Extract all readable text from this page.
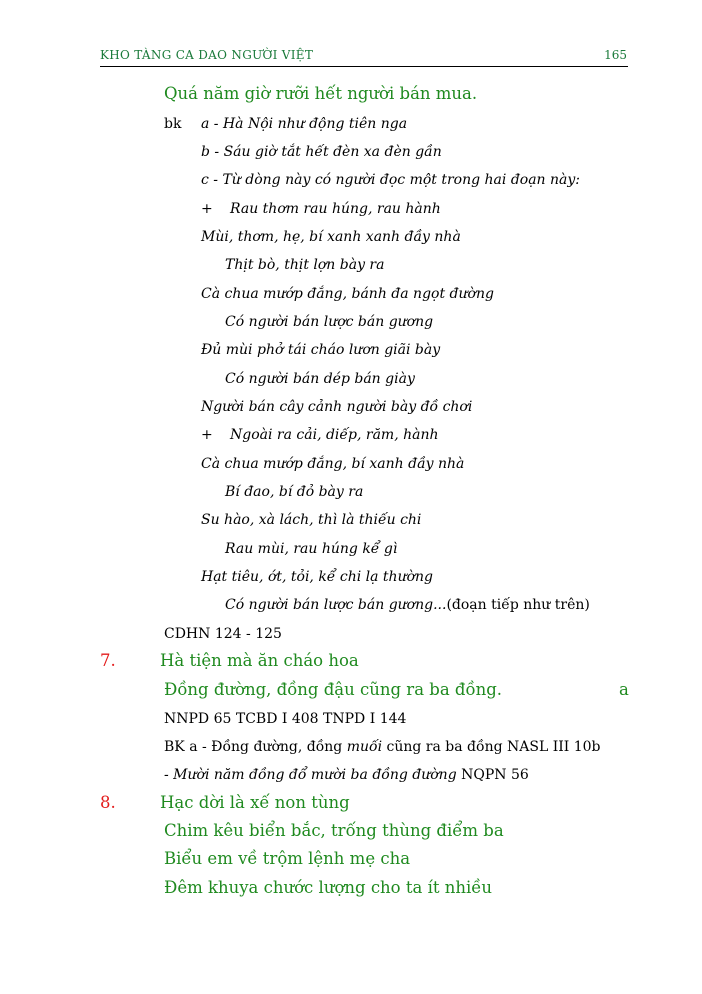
KHO TÀNG CA DAO NGƯỜI VIỆT	165
Quá năm giờ rưỡi hết người bán mua.
bk a - Hà Nội như động tiên nga
b - Sáu giờ tắt hết đèn xa đèn gần
c - Từ dòng này có người đọc một trong hai đoạn này:
+ Rau thơm rau húng, rau hành
Mùi, thơm, hẹ, bí xanh xanh đầy nhà
Thịt bò, thịt lợn bày ra
Cà chua mướp đắng, bánh đa ngọt đường
Có người bán lược bán gương
Đủ mùi phở tái cháo lươn giãi bày
Có người bán dép bán giày
Người bán cây cảnh người bày đồ chơi
+ Ngoài ra cải, diếp, răm, hành
Cà chua mướp đắng, bí xanh đầy nhà
Bí đao, bí đỏ bày ra
Su hào, xà lách, thì là thiếu chi
Rau mùi, rau húng kể gì
Hạt tiêu, ớt, tỏi, kể chi lạ thường
Có người bán lược bán gương...(đoạn tiếp như trên)
CDHN 124 - 125
7.	Hà tiện mà ăn cháo hoa
Đồng đường, đồng đậu cũng ra ba đồng.	a
NNPD 65 TCBD I 408 TNPD I 144
BK a - Đồng đường, đồng muối cũng ra ba đồng NASL III 10b
- Mười năm đồng đổ mười ba đồng đường NQPN 56
8.	Hạc dời là xế non tùng
Chim kêu biển bắc, trống thùng điểm ba
Biểu em về trộm lệnh mẹ cha
Đêm khuya chước lượng cho ta ít nhiều
